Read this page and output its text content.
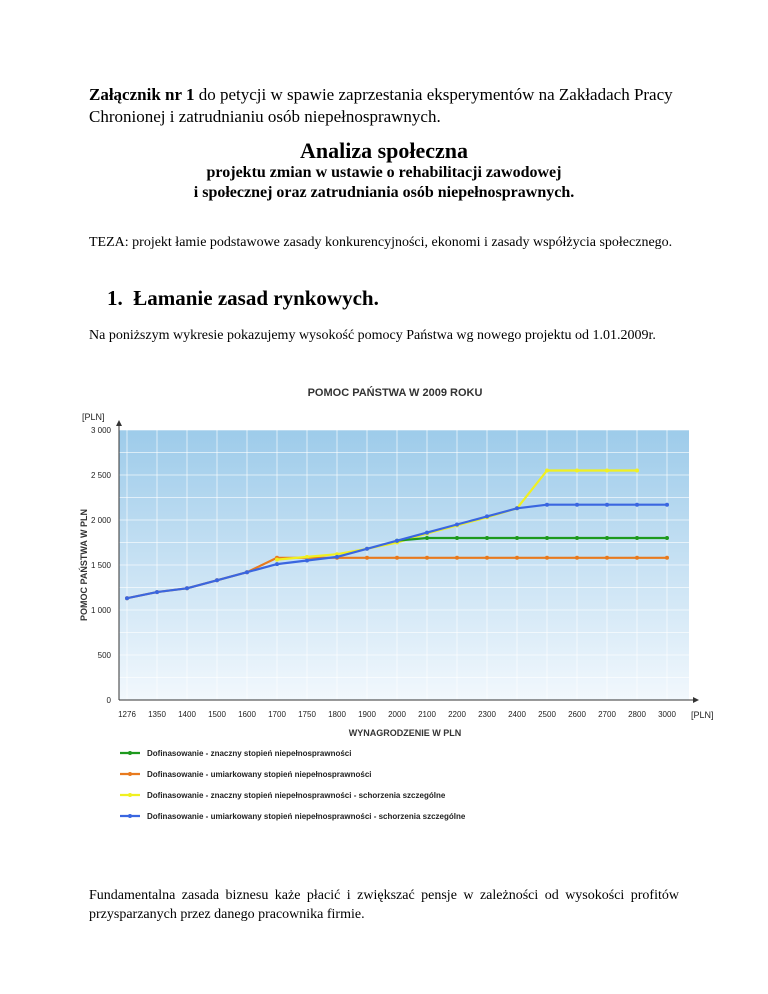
Załącznik nr 1 do petycji w spawie zaprzestania eksperymentów na Zakładach Pracy Chronionej i zatrudnianiu osób niepełnosprawnych.
Analiza społeczna
projektu zmian w ustawie o rehabilitacji zawodowej
i społecznej oraz zatrudniania osób niepełnosprawnych.
TEZA: projekt łamie podstawowe zasady konkurencyjności, ekonomi i zasady współżycia społecznego.
1. Łamanie zasad rynkowych.
Na poniższym wykresie pokazujemy wysokość pomocy Państwa wg nowego projektu od 1.01.2009r.
POMOC PAŃSTWA W 2009 ROKU
[PLN]
0
500
1 000
1 500
2 000
2 500
3 000
1276 1350 1400 1500 1600 1700 1750 1800 1900 2000 2100 2200 2300 2400 2500 2600 2700 2800 3000 [PLN]
WYNAGRODZENIE W PLN
POMOC PAŃSTWA W PLN
Dofinasowanie - znaczny stopień niepełnosprawności
Dofinasowanie - umiarkowany stopień niepełnosprawności
Dofinasowanie - znaczny stopień niepełnosprawności - schorzenia szczególne
Dofinasowanie - umiarkowany stopień niepełnosprawności - schorzenia szczególne
Fundamentalna zasada biznesu każe płacić i zwiększać pensje w zależności od wysokości profitów przysparzanych przez danego pracownika firmie.
